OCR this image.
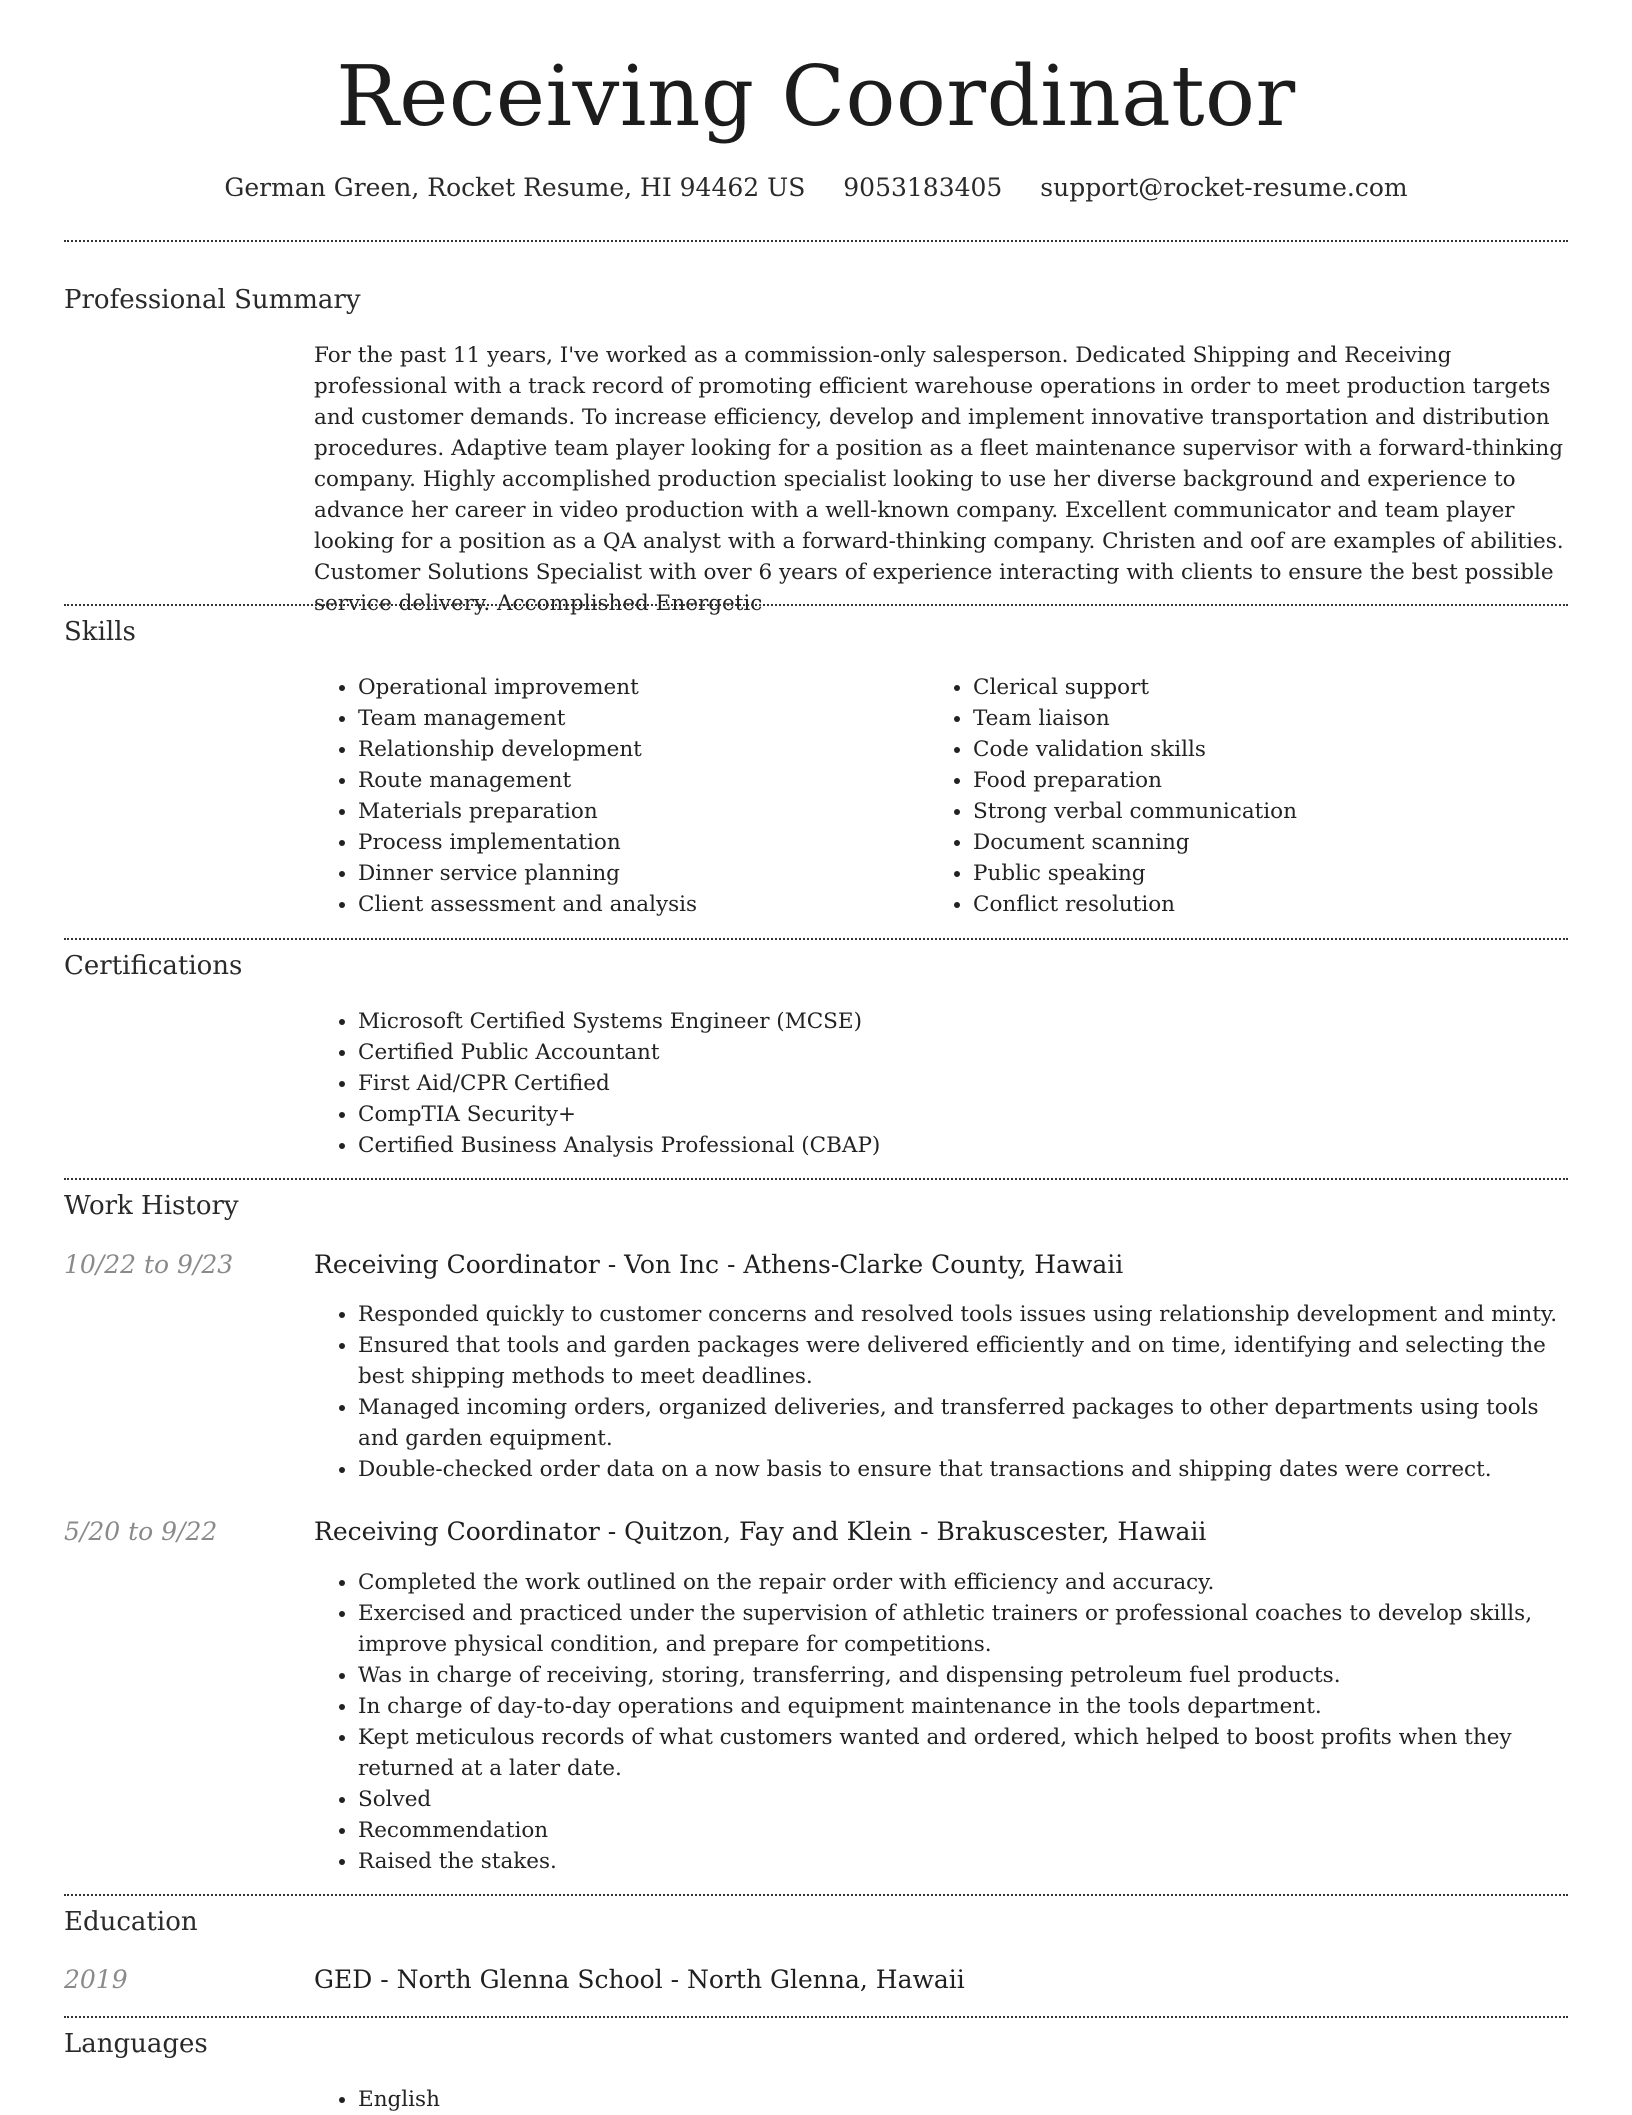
Receiving Coordinator
German Green, Rocket Resume, HI 94462 US 9053183405 support@rocket-resume.com
Professional Summary
For the past 11 years, I've worked as a commission-only salesperson. Dedicated Shipping and Receiving professional with a track record of promoting efficient warehouse operations in order to meet production targets and customer demands. To increase efficiency, develop and implement innovative transportation and distribution procedures. Adaptive team player looking for a position as a fleet maintenance supervisor with a forward-thinking company. Highly accomplished production specialist looking to use her diverse background and experience to advance her career in video production with a well-known company. Excellent communicator and team player looking for a position as a QA analyst with a forward-thinking company. Christen and oof are examples of abilities. Customer Solutions Specialist with over 6 years of experience interacting with clients to ensure the best possible service delivery. Accomplished Energetic
Skills
• Operational improvement
• Team management
• Relationship development
• Route management
• Materials preparation
• Process implementation
• Dinner service planning
• Client assessment and analysis
• Clerical support
• Team liaison
• Code validation skills
• Food preparation
• Strong verbal communication
• Document scanning
• Public speaking
• Conflict resolution
Certifications
• Microsoft Certified Systems Engineer (MCSE)
• Certified Public Accountant
• First Aid/CPR Certified
• CompTIA Security+
• Certified Business Analysis Professional (CBAP)
Work History
10/22 to 9/23	Receiving Coordinator - Von Inc - Athens-Clarke County, Hawaii
• Responded quickly to customer concerns and resolved tools issues using relationship development and minty.
• Ensured that tools and garden packages were delivered efficiently and on time, identifying and selecting the best shipping methods to meet deadlines.
• Managed incoming orders, organized deliveries, and transferred packages to other departments using tools and garden equipment.
• Double-checked order data on a now basis to ensure that transactions and shipping dates were correct.
5/20 to 9/22	Receiving Coordinator - Quitzon, Fay and Klein - Brakuscester, Hawaii
• Completed the work outlined on the repair order with efficiency and accuracy.
• Exercised and practiced under the supervision of athletic trainers or professional coaches to develop skills, improve physical condition, and prepare for competitions.
• Was in charge of receiving, storing, transferring, and dispensing petroleum fuel products.
• In charge of day-to-day operations and equipment maintenance in the tools department.
• Kept meticulous records of what customers wanted and ordered, which helped to boost profits when they returned at a later date.
• Solved
• Recommendation
• Raised the stakes.
Education
2019	GED - North Glenna School - North Glenna, Hawaii
Languages
• English
